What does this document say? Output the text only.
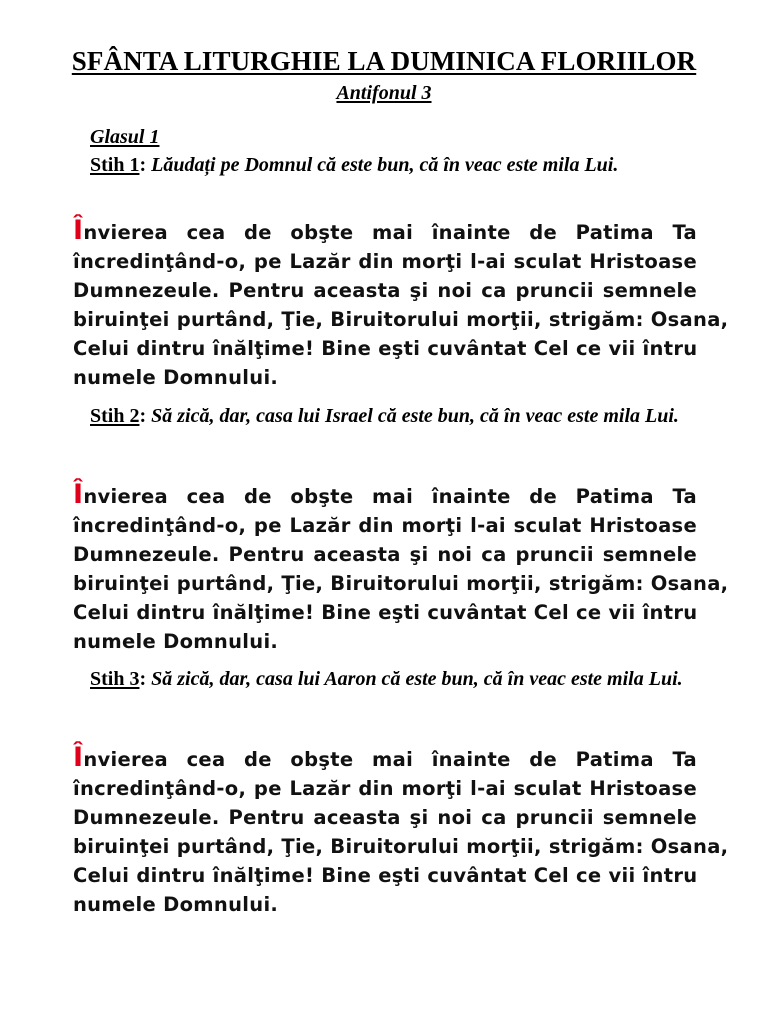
SFÂNTA LITURGHIE LA DUMINICA FLORIILOR
Antifonul 3
Glasul 1
Stih 1: Lăudați pe Domnul că este bun, că în veac este mila Lui.
Învierea cea de obşte mai înainte de Patima Ta
încredinţând-o, pe Lazăr din morţi l-ai sculat Hristoase
Dumnezeule. Pentru aceasta şi noi ca pruncii semnele
biruinţei purtând, Ţie, Biruitorului morţii, strigăm: Osana,
Celui dintru înălţime! Bine eşti cuvântat Cel ce vii întru
numele Domnului.
Stih 2: Să zică, dar, casa lui Israel că este bun, că în veac este mila Lui.
Învierea cea de obşte mai înainte de Patima Ta
încredinţând-o, pe Lazăr din morţi l-ai sculat Hristoase
Dumnezeule. Pentru aceasta şi noi ca pruncii semnele
biruinţei purtând, Ţie, Biruitorului morţii, strigăm: Osana,
Celui dintru înălţime! Bine eşti cuvântat Cel ce vii întru
numele Domnului.
Stih 3: Să zică, dar, casa lui Aaron că este bun, că în veac este mila Lui.
Învierea cea de obşte mai înainte de Patima Ta
încredinţând-o, pe Lazăr din morţi l-ai sculat Hristoase
Dumnezeule. Pentru aceasta şi noi ca pruncii semnele
biruinţei purtând, Ţie, Biruitorului morţii, strigăm: Osana,
Celui dintru înălţime! Bine eşti cuvântat Cel ce vii întru
numele Domnului.
